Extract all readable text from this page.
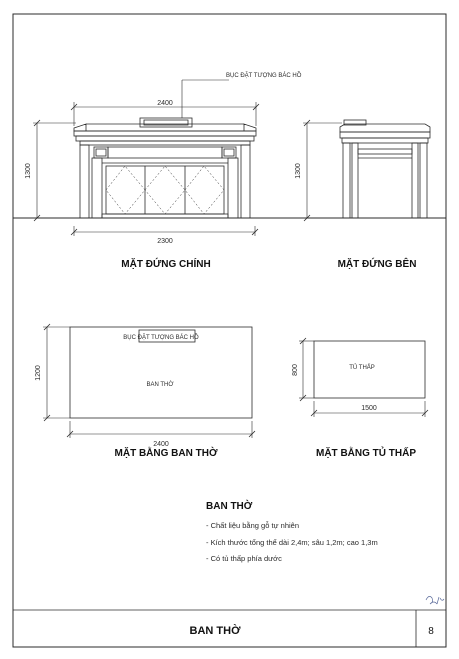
BỤC ĐẶT TƯỢNG BÁC HỒ
2400
1300
2300
MẶT ĐỨNG CHÍNH
1300
MẶT ĐỨNG BÊN
BỤC ĐẶT TƯỢNG BÁC HỒ
BAN THỜ
1200
2400
MẶT BẰNG BAN THỜ
TỦ THẤP
800
1500
MẶT BẰNG TỦ THẤP
BAN THỜ
- Chất liệu bằng gỗ tự nhiên
- Kích thước tổng thể dài 2,4m; sâu 1,2m; cao 1,3m
- Có tủ thấp phía dước
BAN THỜ	8
